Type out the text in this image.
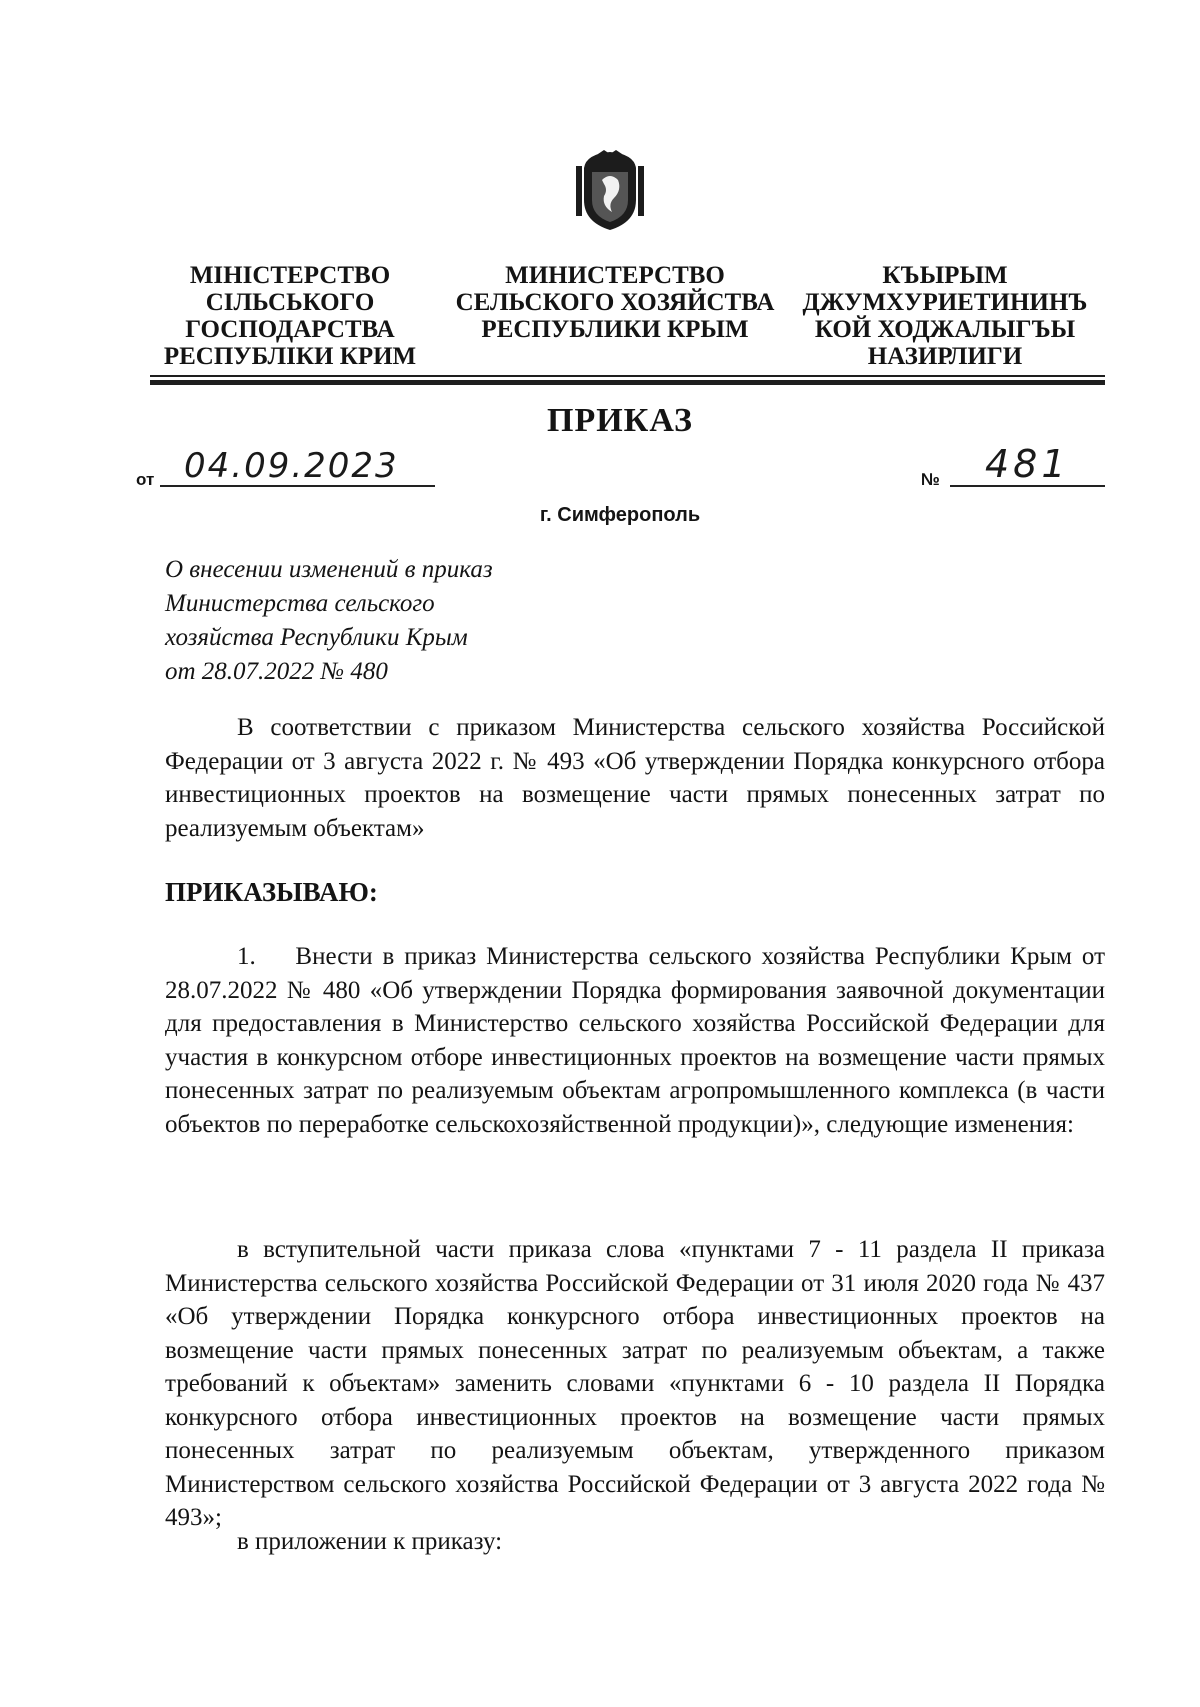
МІНІСТЕРСТВО
СІЛЬСЬКОГО
ГОСПОДАРСТВА
РЕСПУБЛІКИ КРИМ
МИНИСТЕРСТВО
СЕЛЬСКОГО ХОЗЯЙСТВА
РЕСПУБЛИКИ КРЫМ
КЪЫРЫМ
ДЖУМХУРИЕТИНИНЪ
КОЙ ХОДЖАЛЫГЪЫ
НАЗИРЛИГИ
ПРИКАЗ
от 04.09.2023	№ 481
г. Симферополь
О внесении изменений в приказ
Министерства сельского
хозяйства Республики Крым
от 28.07.2022 № 480
В соответствии с приказом Министерства сельского хозяйства Российской Федерации от 3 августа 2022 г. № 493 «Об утверждении Порядка конкурсного отбора инвестиционных проектов на возмещение части прямых понесенных затрат по реализуемым объектам»
ПРИКАЗЫВАЮ:
1.    Внести в приказ Министерства сельского хозяйства Республики Крым от 28.07.2022 № 480 «Об утверждении Порядка формирования заявочной документации для предоставления в Министерство сельского хозяйства Российской Федерации для участия в конкурсном отборе инвестиционных проектов на возмещение части прямых понесенных затрат по реализуемым объектам агропромышленного комплекса (в части объектов по переработке сельскохозяйственной продукции)», следующие изменения:
в вступительной части приказа слова «пунктами 7 - 11 раздела II приказа Министерства сельского хозяйства Российской Федерации от 31 июля 2020 года № 437 «Об утверждении Порядка конкурсного отбора инвестиционных проектов на возмещение части прямых понесенных затрат по реализуемым объектам, а также требований к объектам» заменить словами «пунктами 6 - 10 раздела II Порядка конкурсного отбора инвестиционных проектов на возмещение части прямых понесенных затрат по реализуемым объектам, утвержденного приказом Министерством сельского хозяйства Российской Федерации от 3 августа 2022 года № 493»;
в приложении к приказу:
